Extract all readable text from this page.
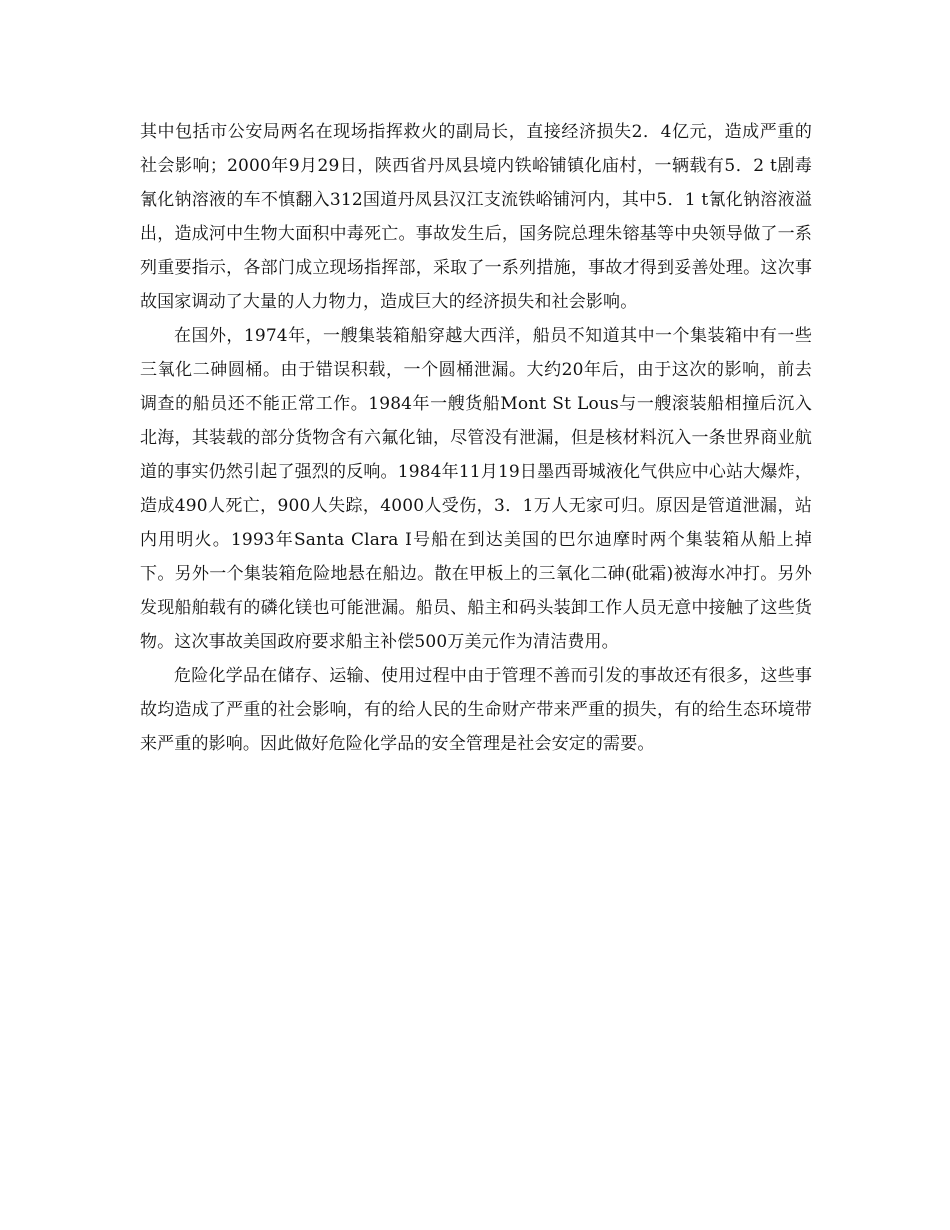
其中包括市公安局两名在现场指挥救火的副局长，直接经济损失2．4亿元，造成严重的社会影响；2000年9月29日，陕西省丹凤县境内铁峪铺镇化庙村，一辆载有5．2 t剧毒氰化钠溶液的车不慎翻入312国道丹凤县汉江支流铁峪铺河内，其中5．1 t氰化钠溶液溢出，造成河中生物大面积中毒死亡。事故发生后，国务院总理朱镕基等中央领导做了一系列重要指示，各部门成立现场指挥部，采取了一系列措施，事故才得到妥善处理。这次事故国家调动了大量的人力物力，造成巨大的经济损失和社会影响。

在国外，1974年，一艘集装箱船穿越大西洋，船员不知道其中一个集装箱中有一些三氧化二砷圆桶。由于错误积载，一个圆桶泄漏。大约20年后，由于这次的影响，前去调查的船员还不能正常工作。1984年一艘货船Mont St Lous与一艘滚装船相撞后沉入北海，其装载的部分货物含有六氟化铀，尽管没有泄漏，但是核材料沉入一条世界商业航道的事实仍然引起了强烈的反响。1984年11月19日墨西哥城液化气供应中心站大爆炸，造成490人死亡，900人失踪，4000人受伤，3．1万人无家可归。原因是管道泄漏，站内用明火。1993年Santa Clara Ⅰ号船在到达美国的巴尔迪摩时两个集装箱从船上掉下。另外一个集装箱危险地悬在船边。散在甲板上的三氧化二砷(砒霜)被海水冲打。另外发现船舶载有的磷化镁也可能泄漏。船员、船主和码头装卸工作人员无意中接触了这些货物。这次事故美国政府要求船主补偿500万美元作为清洁费用。

危险化学品在储存、运输、使用过程中由于管理不善而引发的事故还有很多，这些事故均造成了严重的社会影响，有的给人民的生命财产带来严重的损失，有的给生态环境带来严重的影响。因此做好危险化学品的安全管理是社会安定的需要。
